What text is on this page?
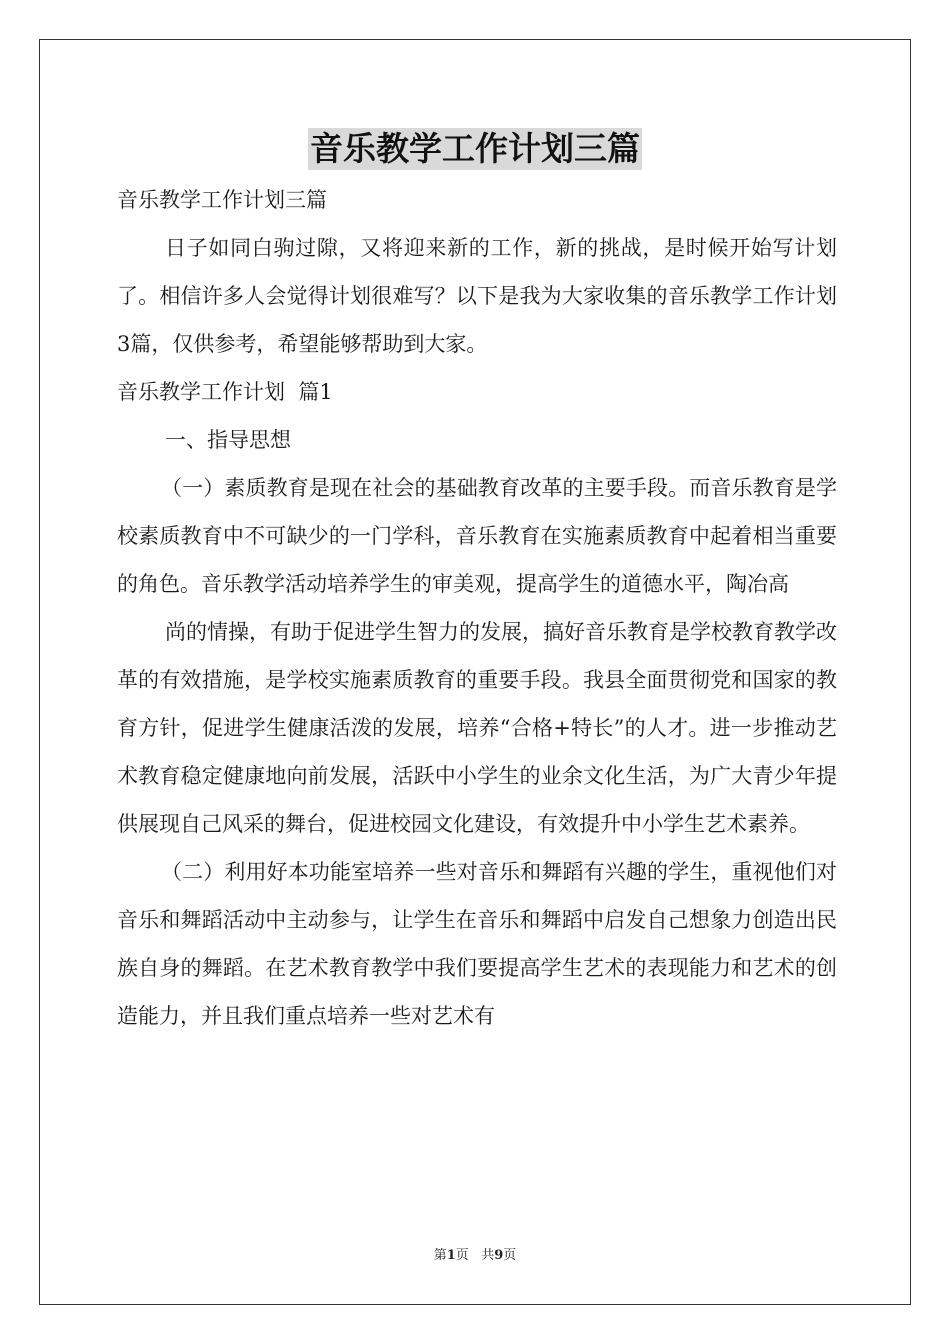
音乐教学工作计划三篇

音乐教学工作计划三篇

日子如同白驹过隙，又将迎来新的工作，新的挑战，是时候开始写计划了。相信许多人会觉得计划很难写？以下是我为大家收集的音乐教学工作计划3篇，仅供参考，希望能够帮助到大家。

音乐教学工作计划  篇1

一、指导思想

（一）素质教育是现在社会的基础教育改革的主要手段。而音乐教育是学校素质教育中不可缺少的一门学科，音乐教育在实施素质教育中起着相当重要的角色。音乐教学活动培养学生的审美观，提高学生的道德水平，陶冶高

尚的情操，有助于促进学生智力的发展，搞好音乐教育是学校教育教学改革的有效措施，是学校实施素质教育的重要手段。我县全面贯彻党和国家的教育方针，促进学生健康活泼的发展，培养“合格+特长”的人才。进一步推动艺术教育稳定健康地向前发展，活跃中小学生的业余文化生活，为广大青少年提供展现自己风采的舞台，促进校园文化建设，有效提升中小学生艺术素养。

（二）利用好本功能室培养一些对音乐和舞蹈有兴趣的学生，重视他们对音乐和舞蹈活动中主动参与，让学生在音乐和舞蹈中启发自己想象力创造出民族自身的舞蹈。在艺术教育教学中我们要提高学生艺术的表现能力和艺术的创造能力，并且我们重点培养一些对艺术有

第1页 共9页
